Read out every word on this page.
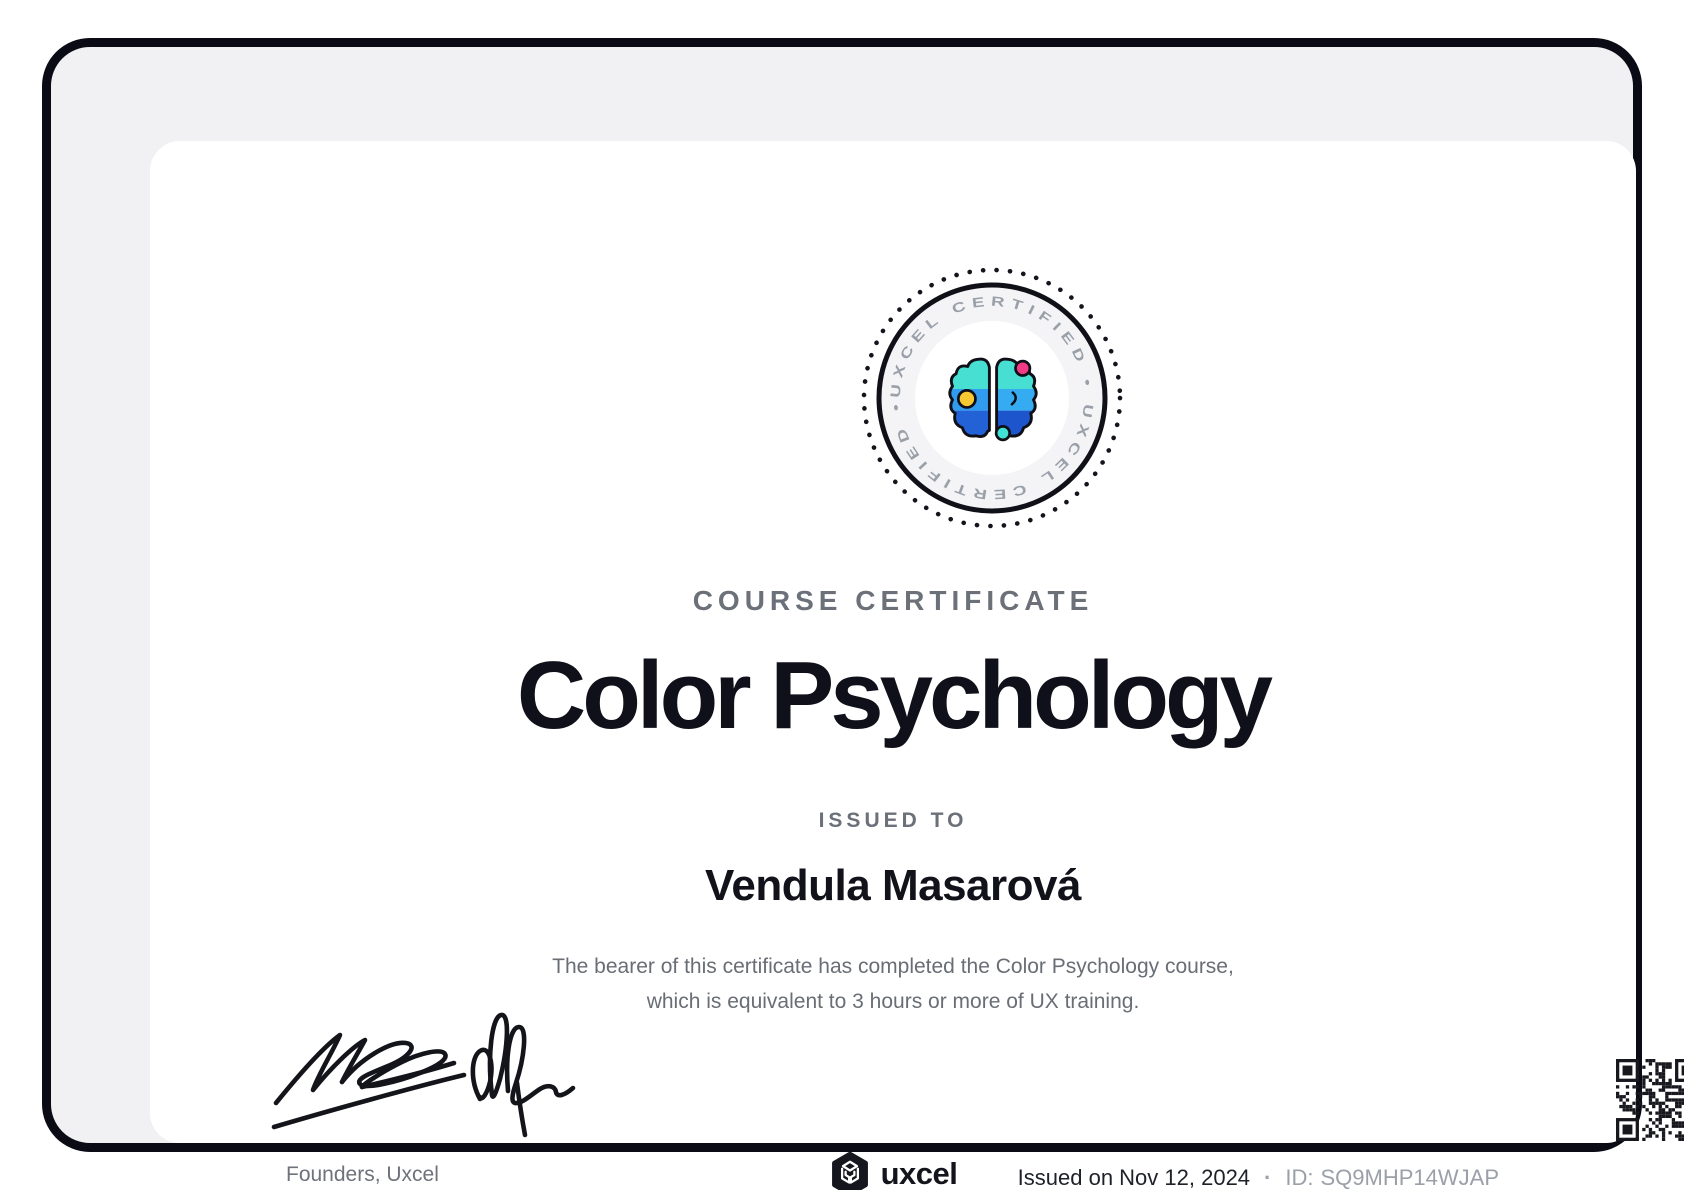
UXCEL CERTIFIED • UXCEL CERTIFIED •
COURSE CERTIFICATE
Color Psychology
ISSUED TO
Vendula Masarová

The bearer of this certificate has completed the Color Psychology course,
which is equivalent to 3 hours or more of UX training.

Founders, Uxcel	uxcel	Issued on Nov 12, 2024 · ID: SQ9MHP14WJAP
